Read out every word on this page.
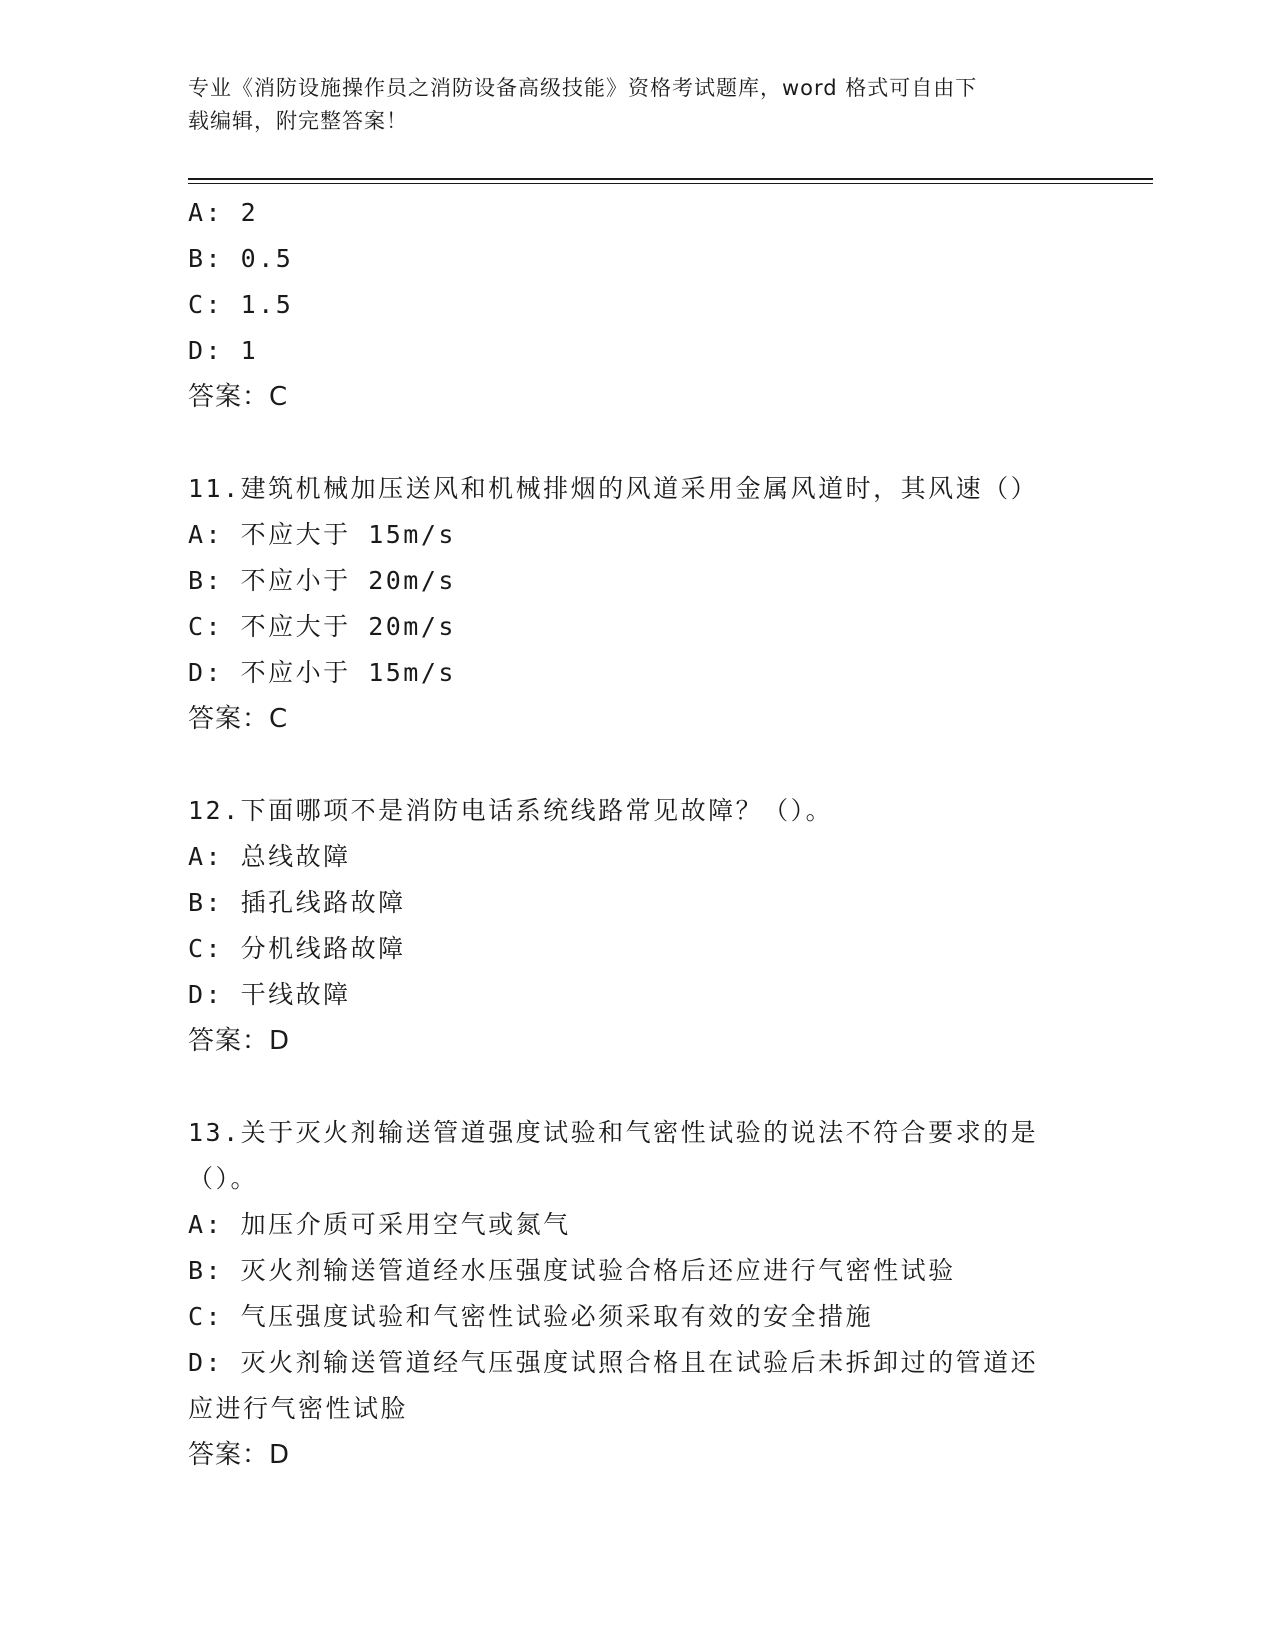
专业《消防设施操作员之消防设备高级技能》资格考试题库，word 格式可自由下
载编辑，附完整答案！
A: 2
B: 0.5
C: 1.5
D: 1
答案：C
11.建筑机械加压送风和机械排烟的风道采用金属风道时，其风速（）
A: 不应大于 15m/s
B: 不应小于 20m/s
C: 不应大于 20m/s
D: 不应小于 15m/s
答案：C
12.下面哪项不是消防电话系统线路常见故障？（）。
A: 总线故障
B: 插孔线路故障
C: 分机线路故障
D: 干线故障
答案：D
13.关于灭火剂输送管道强度试验和气密性试验的说法不符合要求的是
（）。
A: 加压介质可采用空气或氮气
B: 灭火剂输送管道经水压强度试验合格后还应进行气密性试验
C: 气压强度试验和气密性试验必须采取有效的安全措施
D: 灭火剂输送管道经气压强度试照合格且在试验后未拆卸过的管道还
应进行气密性试脸
答案：D
